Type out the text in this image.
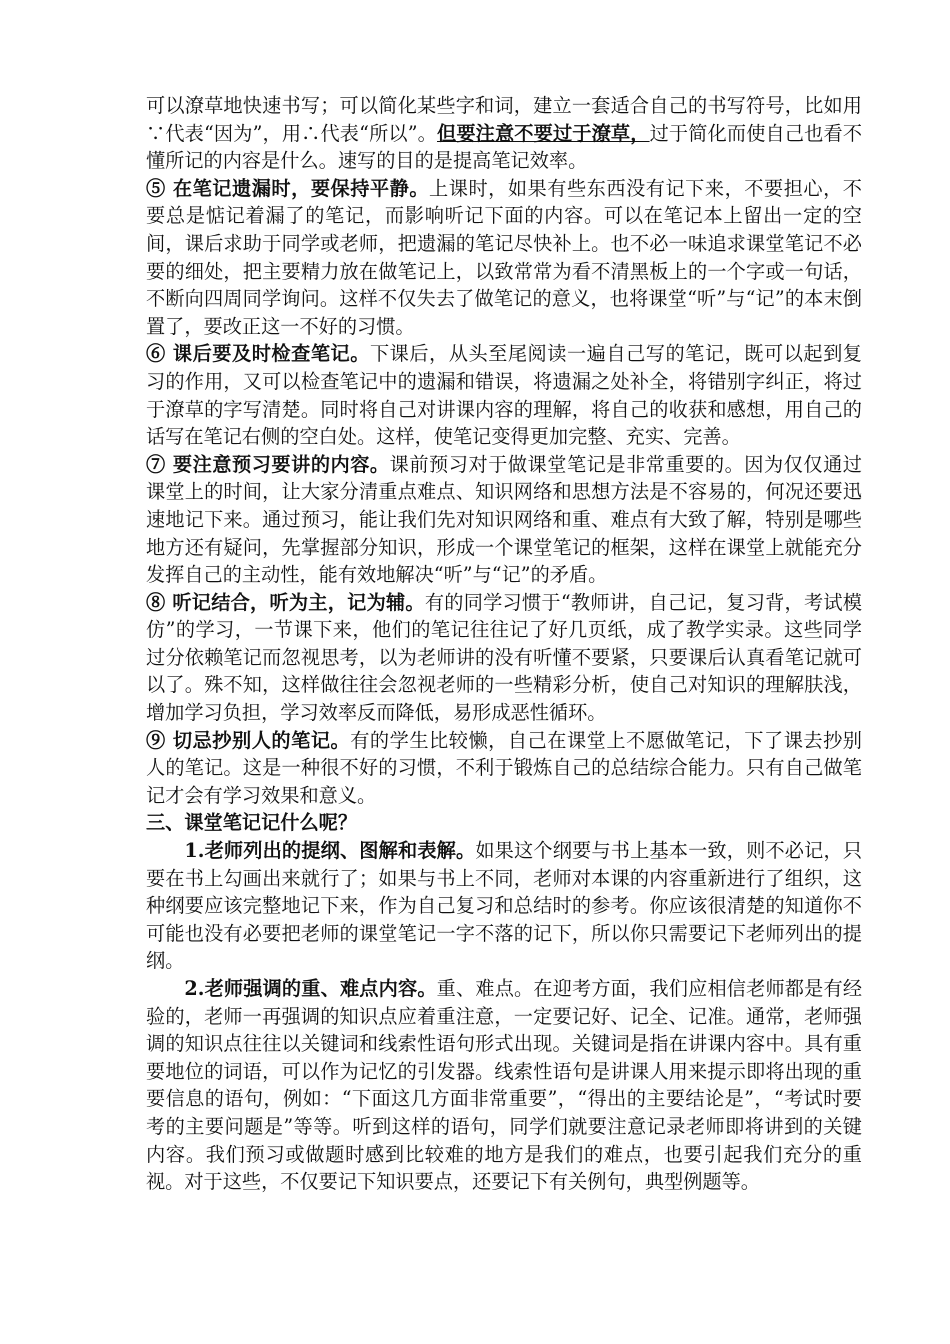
可以潦草地快速书写；可以简化某些字和词，建立一套适合自己的书写符号，比如用∵代表“因为”，用∴代表“所以”。但要注意不要过于潦草，过于简化而使自己也看不懂所记的内容是什么。速写的目的是提高笔记效率。

⑤ 在笔记遗漏时，要保持平静。上课时，如果有些东西没有记下来，不要担心，不要总是惦记着漏了的笔记，而影响听记下面的内容。可以在笔记本上留出一定的空间，课后求助于同学或老师，把遗漏的笔记尽快补上。也不必一味追求课堂笔记不必要的细处，把主要精力放在做笔记上，以致常常为看不清黑板上的一个字或一句话，不断向四周同学询问。这样不仅失去了做笔记的意义，也将课堂“听”与“记”的本末倒置了，要改正这一不好的习惯。

⑥ 课后要及时检查笔记。下课后，从头至尾阅读一遍自己写的笔记，既可以起到复习的作用，又可以检查笔记中的遗漏和错误，将遗漏之处补全，将错别字纠正，将过于潦草的字写清楚。同时将自己对讲课内容的理解，将自己的收获和感想，用自己的话写在笔记右侧的空白处。这样，使笔记变得更加完整、充实、完善。

⑦ 要注意预习要讲的内容。课前预习对于做课堂笔记是非常重要的。因为仅仅通过课堂上的时间，让大家分清重点难点、知识网络和思想方法是不容易的，何况还要迅速地记下来。通过预习，能让我们先对知识网络和重、难点有大致了解，特别是哪些地方还有疑问，先掌握部分知识，形成一个课堂笔记的框架，这样在课堂上就能充分发挥自己的主动性，能有效地解决“听”与“记”的矛盾。

⑧ 听记结合，听为主，记为辅。有的同学习惯于“教师讲，自己记，复习背，考试模仿”的学习，一节课下来，他们的笔记往往记了好几页纸，成了教学实录。这些同学过分依赖笔记而忽视思考，以为老师讲的没有听懂不要紧，只要课后认真看笔记就可以了。殊不知，这样做往往会忽视老师的一些精彩分析，使自己对知识的理解肤浅，增加学习负担，学习效率反而降低，易形成恶性循环。

⑨ 切忌抄别人的笔记。有的学生比较懒，自己在课堂上不愿做笔记，下了课去抄别人的笔记。这是一种很不好的习惯，不利于锻炼自己的总结综合能力。只有自己做笔记才会有学习效果和意义。

三、课堂笔记记什么呢？

1.老师列出的提纲、图解和表解。如果这个纲要与书上基本一致，则不必记，只要在书上勾画出来就行了；如果与书上不同，老师对本课的内容重新进行了组织，这种纲要应该完整地记下来，作为自己复习和总结时的参考。你应该很清楚的知道你不可能也没有必要把老师的课堂笔记一字不落的记下，所以你只需要记下老师列出的提纲。

2.老师强调的重、难点内容。重、难点。在迎考方面，我们应相信老师都是有经验的，老师一再强调的知识点应着重注意，一定要记好、记全、记准。通常，老师强调的知识点往往以关键词和线索性语句形式出现。关键词是指在讲课内容中。具有重要地位的词语，可以作为记忆的引发器。线索性语句是讲课人用来提示即将出现的重要信息的语句，例如：“下面这几方面非常重要”，“得出的主要结论是”，“考试时要考的主要问题是”等等。听到这样的语句，同学们就要注意记录老师即将讲到的关键内容。我们预习或做题时感到比较难的地方是我们的难点，也要引起我们充分的重视。对于这些，不仅要记下知识要点，还要记下有关例句，典型例题等。
